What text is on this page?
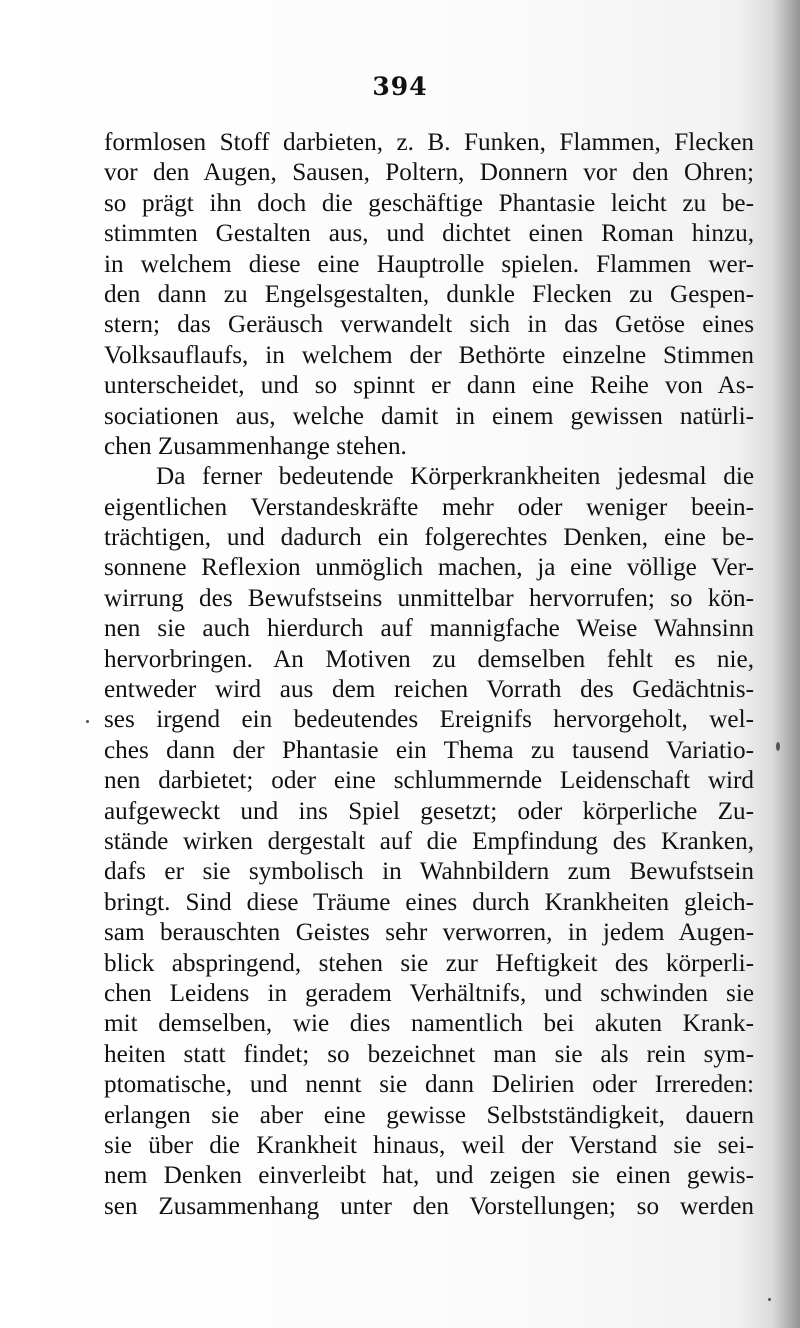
394
formlosen Stoff darbieten, z. B. Funken, Flammen, Flecken
vor den Augen, Sausen, Poltern, Donnern vor den Ohren;
so prägt ihn doch die geschäftige Phantasie leicht zu be-
stimmten Gestalten aus, und dichtet einen Roman hinzu,
in welchem diese eine Hauptrolle spielen. Flammen wer-
den dann zu Engelsgestalten, dunkle Flecken zu Gespen-
stern; das Geräusch verwandelt sich in das Getöse eines
Volksauflaufs, in welchem der Bethörte einzelne Stimmen
unterscheidet, und so spinnt er dann eine Reihe von As-
sociationen aus, welche damit in einem gewissen natürli-
chen Zusammenhange stehen.
Da ferner bedeutende Körperkrankheiten jedesmal die
eigentlichen Verstandeskräfte mehr oder weniger beein-
trächtigen, und dadurch ein folgerechtes Denken, eine be-
sonnene Reflexion unmöglich machen, ja eine völlige Ver-
wirrung des Bewufstseins unmittelbar hervorrufen; so kön-
nen sie auch hierdurch auf mannigfache Weise Wahnsinn
hervorbringen. An Motiven zu demselben fehlt es nie,
entweder wird aus dem reichen Vorrath des Gedächtnis-
ses irgend ein bedeutendes Ereignifs hervorgeholt, wel-
ches dann der Phantasie ein Thema zu tausend Variatio-
nen darbietet; oder eine schlummernde Leidenschaft wird
aufgeweckt und ins Spiel gesetzt; oder körperliche Zu-
stände wirken dergestalt auf die Empfindung des Kranken,
dafs er sie symbolisch in Wahnbildern zum Bewufstsein
bringt. Sind diese Träume eines durch Krankheiten gleich-
sam berauschten Geistes sehr verworren, in jedem Augen-
blick abspringend, stehen sie zur Heftigkeit des körperli-
chen Leidens in geradem Verhältnifs, und schwinden sie
mit demselben, wie dies namentlich bei akuten Krank-
heiten statt findet; so bezeichnet man sie als rein sym-
ptomatische, und nennt sie dann Delirien oder Irrereden:
erlangen sie aber eine gewisse Selbstständigkeit, dauern
sie über die Krankheit hinaus, weil der Verstand sie sei-
nem Denken einverleibt hat, und zeigen sie einen gewis-
sen Zusammenhang unter den Vorstellungen; so werden
